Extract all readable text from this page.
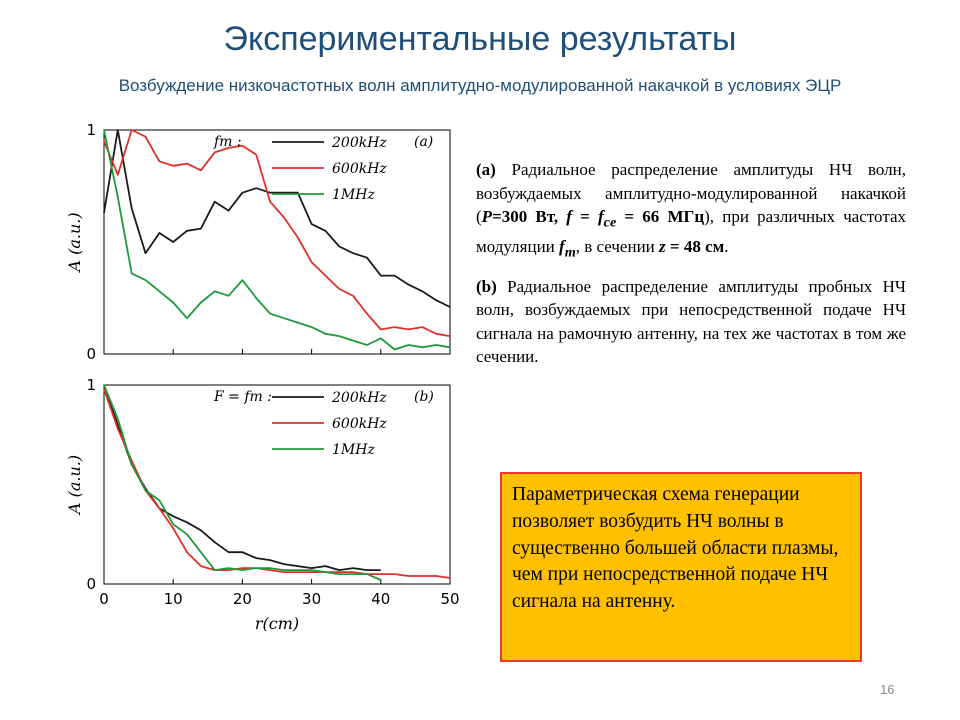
Экспериментальные результаты
Возбуждение низкочастотных волн амплитудно-модулированной накачкой в условиях ЭЦР
0
1
A (a.u.)
fm :	(a)
200kHz
600kHz
1MHz
0
1
0	10	20	30	40	50
A (a.u.)
r(cm)
F = fm :	(b)
200kHz
600kHz
1MHz

(a) Радиальное распределение амплитуды НЧ волн, возбуждаемых амплитудно-модулированной накачкой (P=300 Вт, $f = f_{ce} = 66$ МГц), при различных частотах модуляции $f_m$, в сечении z = 48 см.

(b) Радиальное распределение амплитуды пробных НЧ волн, возбуждаемых при непосредственной подаче НЧ сигнала на рамочную антенну, на тех же частотах в том же сечении.

Параметрическая схема генерации позволяет возбудить НЧ волны в существенно большей области плазмы, чем при непосредственной подаче НЧ сигнала на антенну.
16
